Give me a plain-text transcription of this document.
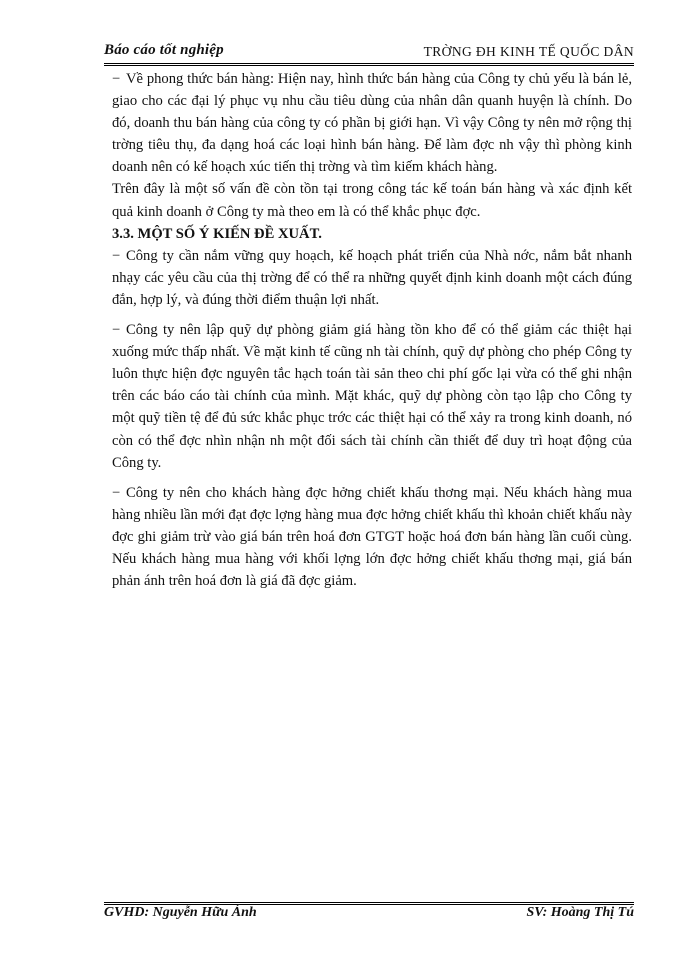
Báo cáo tốt nghiệp	TRỜNG ĐH KINH TẾ QUỐC DÂN

− Về phong thức bán hàng: Hiện nay, hình thức bán hàng của Công ty chủ yếu là bán lẻ, giao cho các đại lý phục vụ nhu cầu tiêu dùng của nhân dân quanh huyện là chính. Do đó, doanh thu bán hàng của công ty có phần bị giới hạn. Vì vậy Công ty nên mở rộng thị trờng tiêu thụ, đa dạng hoá các loại hình bán hàng. Để làm đợc nh vậy thì phòng kinh doanh nên có kế hoạch xúc tiến thị trờng và tìm kiếm khách hàng.

Trên đây là một số vấn đề còn tồn tại trong công tác kế toán bán hàng và xác định kết quả kinh doanh ở Công ty mà theo em là có thể khắc phục đợc.

3.3. MỘT SỐ Ý KIẾN ĐỀ XUẤT.

− Công ty cần nắm vững quy hoạch, kế hoạch phát triển của Nhà nớc, nắm bắt nhanh nhạy các yêu cầu của thị trờng để có thể ra những quyết định kinh doanh một cách đúng đắn, hợp lý, và đúng thời điểm thuận lợi nhất.

− Công ty nên lập quỹ dự phòng giảm giá hàng tồn kho để có thể giảm các thiệt hại xuống mức thấp nhất. Về mặt kinh tế cũng nh tài chính, quỹ dự phòng cho phép Công ty luôn thực hiện đợc nguyên tắc hạch toán tài sản theo chi phí gốc lại vừa có thể ghi nhận trên các báo cáo tài chính của mình. Mặt khác, quỹ dự phòng còn tạo lập cho Công ty một quỹ tiền tệ để đủ sức khắc phục trớc các thiệt hại có thể xảy ra trong kinh doanh, nó còn có thể đợc nhìn nhận nh một đối sách tài chính cần thiết để duy trì hoạt động của Công ty.

− Công ty nên cho khách hàng đợc hởng chiết khấu thơng mại. Nếu khách hàng mua hàng nhiều lần mới đạt đợc lợng hàng mua đợc hởng chiết khấu thì khoản chiết khấu này đợc ghi giảm trừ vào giá bán trên hoá đơn GTGT hoặc hoá đơn bán hàng lần cuối cùng. Nếu khách hàng mua hàng với khối lợng lớn đợc hởng chiết khấu thơng mại, giá bán phản ánh trên hoá đơn là giá đã đợc giảm.

GVHD: Nguyễn Hữu Ánh	SV: Hoàng Thị Tú
